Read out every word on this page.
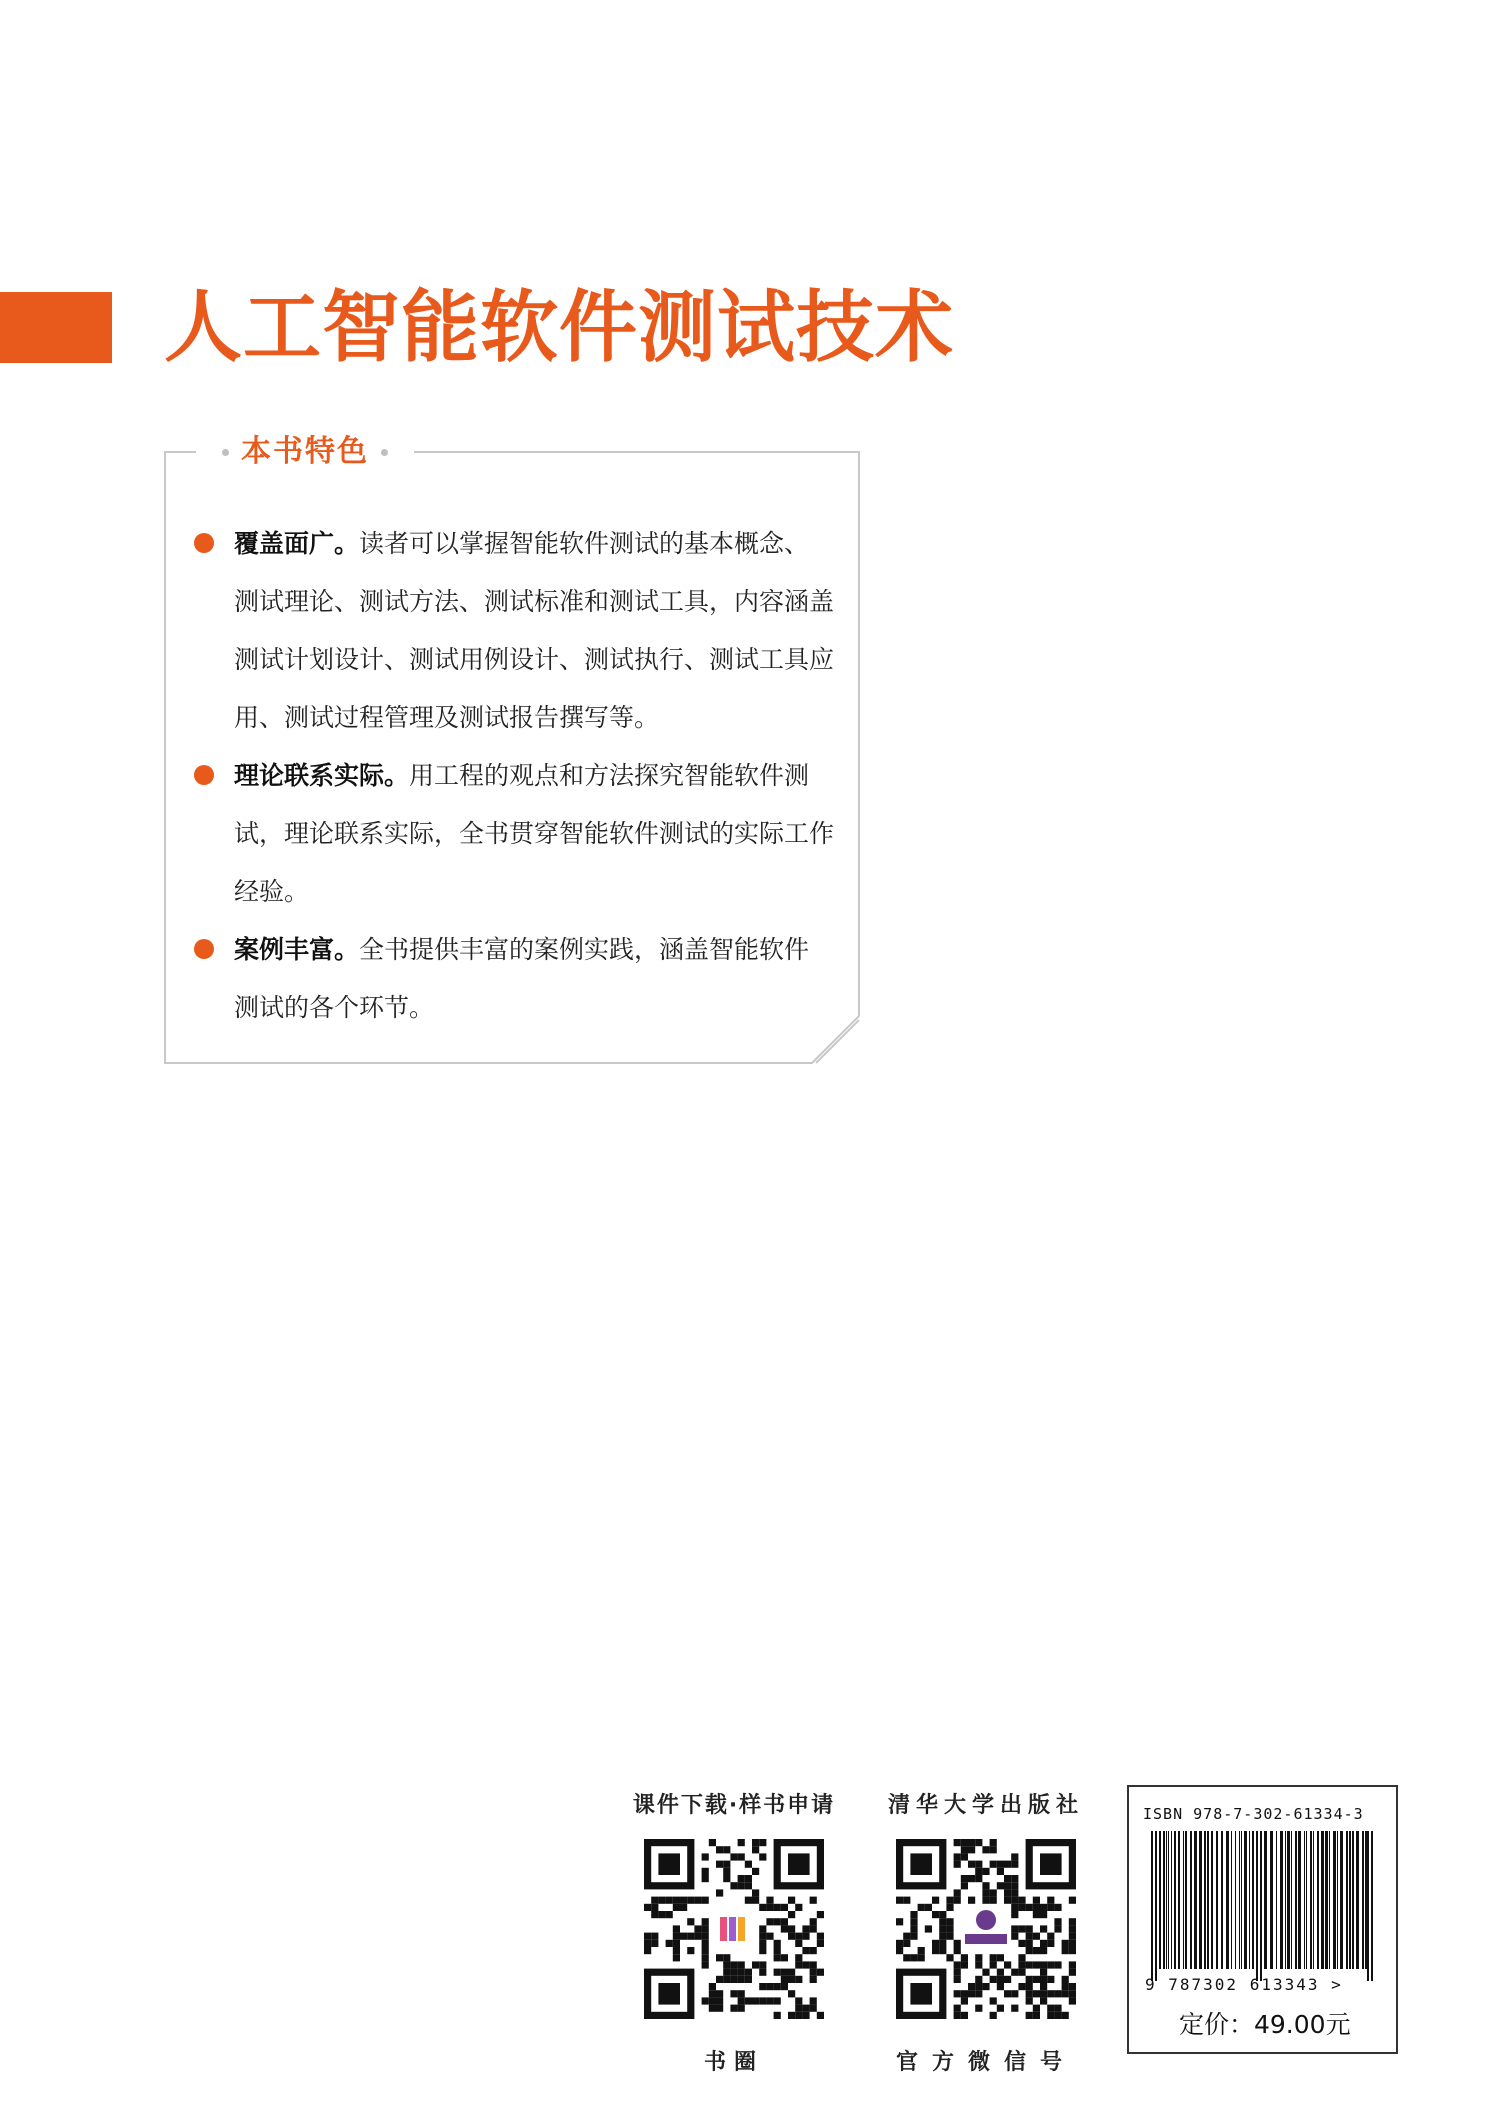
人工智能软件测试技术
本书特色

覆盖面广。读者可以掌握智能软件测试的基本概念、测试理论、测试方法、测试标准和测试工具，内容涵盖测试计划设计、测试用例设计、测试执行、测试工具应用、测试过程管理及测试报告撰写等。

理论联系实际。用工程的观点和方法探究智能软件测试，理论联系实际，全书贯穿智能软件测试的实际工作经验。

案例丰富。全书提供丰富的案例实践，涵盖智能软件测试的各个环节。

课件下载·样书申请
书圈
清华大学出版社
官方微信号
ISBN 978-7-302-61334-3
9 787302 613343 >
定价：49.00元
